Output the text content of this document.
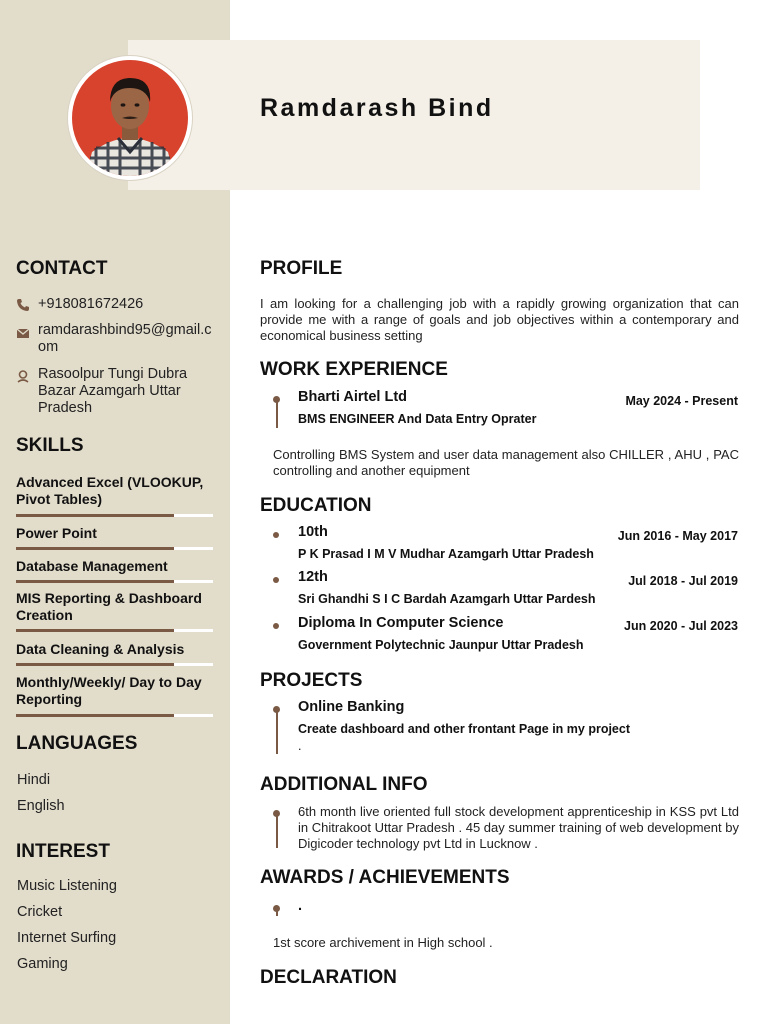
Ramdarash Bind
CONTACT
+918081672426
ramdarashbind95@gmail.com
Rasoolpur Tungi Dubra Bazar Azamgarh Uttar Pradesh
SKILLS
Advanced Excel (VLOOKUP, Pivot Tables)
Power Point
Database Management
MIS Reporting & Dashboard Creation
Data Cleaning & Analysis
Monthly/Weekly/ Day to Day Reporting
LANGUAGES
Hindi
English
INTEREST
Music Listening
Cricket
Internet Surfing
Gaming
PROFILE
I am looking for a challenging job with a rapidly growing organization that can provide me with a range of goals and job objectives within a contemporary and economical business setting
WORK EXPERIENCE
Bharti Airtel Ltd	May 2024 - Present
BMS ENGINEER And Data Entry Oprater
Controlling BMS System and user data management also CHILLER , AHU , PAC controlling and another equipment
EDUCATION
10th	Jun 2016 - May 2017
P K Prasad I M V Mudhar Azamgarh Uttar Pradesh
12th	Jul 2018 - Jul 2019
Sri Ghandhi S I C Bardah Azamgarh Uttar Pardesh
Diploma In Computer Science	Jun 2020 - Jul 2023
Government Polytechnic Jaunpur Uttar Pradesh
PROJECTS
Online Banking
Create dashboard and other frontant Page in my project
.
ADDITIONAL INFO
6th month live oriented full stock development apprenticeship in KSS pvt Ltd in Chitrakoot Uttar Pradesh . 45 day summer training of web development by Digicoder technology pvt Ltd in Lucknow .
AWARDS / ACHIEVEMENTS
.
1st score archivement in High school .
DECLARATION
